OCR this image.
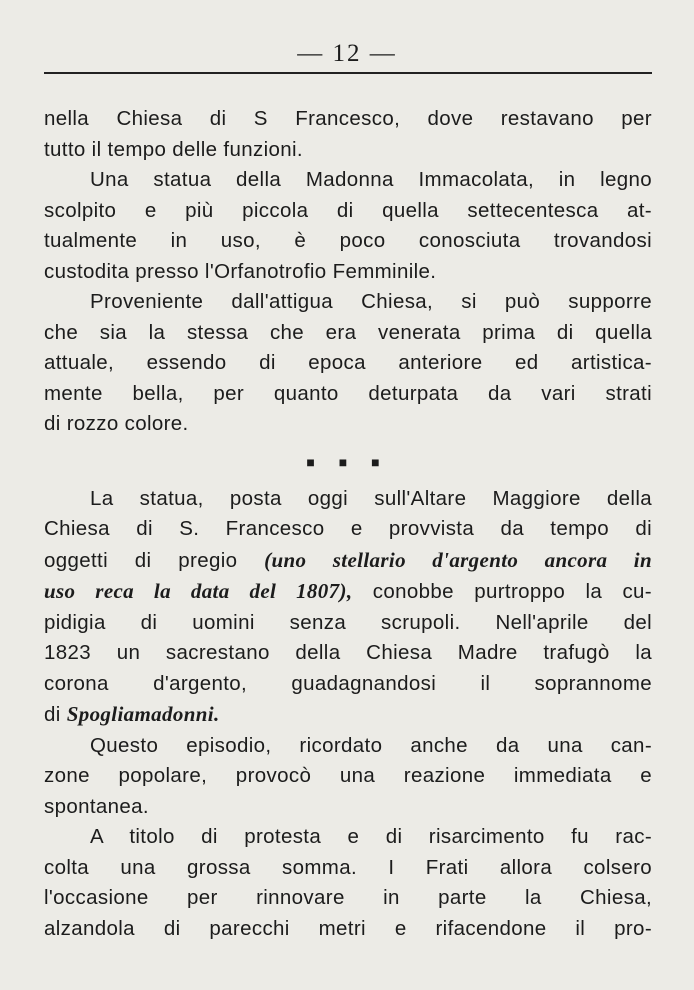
— 12 —

nella Chiesa di S Francesco, dove restavano per
tutto il tempo delle funzioni.

Una statua della Madonna Immacolata, in legno
scolpito e più piccola di quella settecentesca at-
tualmente in uso, è poco conosciuta trovandosi
custodita presso l'Orfanotrofio Femminile.

Proveniente dall'attigua Chiesa, si può supporre
che sia la stessa che era venerata prima di quella
attuale, essendo di epoca anteriore ed artistica-
mente bella, per quanto deturpata da vari strati
di rozzo colore.

■ ■ ■

La statua, posta oggi sull'Altare Maggiore della
Chiesa di S. Francesco e provvista da tempo di
oggetti di pregio (uno stellario d'argento ancora in
uso reca la data del 1807), conobbe purtroppo la cu-
pidigia di uomini senza scrupoli. Nell'aprile del
1823 un sacrestano della Chiesa Madre trafugò la
corona d'argento, guadagnandosi il soprannome
di Spogliamadonni.

Questo episodio, ricordato anche da una can-
zone popolare, provocò una reazione immediata e
spontanea.

A titolo di protesta e di risarcimento fu rac-
colta una grossa somma. I Frati allora colsero
l'occasione per rinnovare in parte la Chiesa,
alzandola di parecchi metri e rifacendone il pro-
